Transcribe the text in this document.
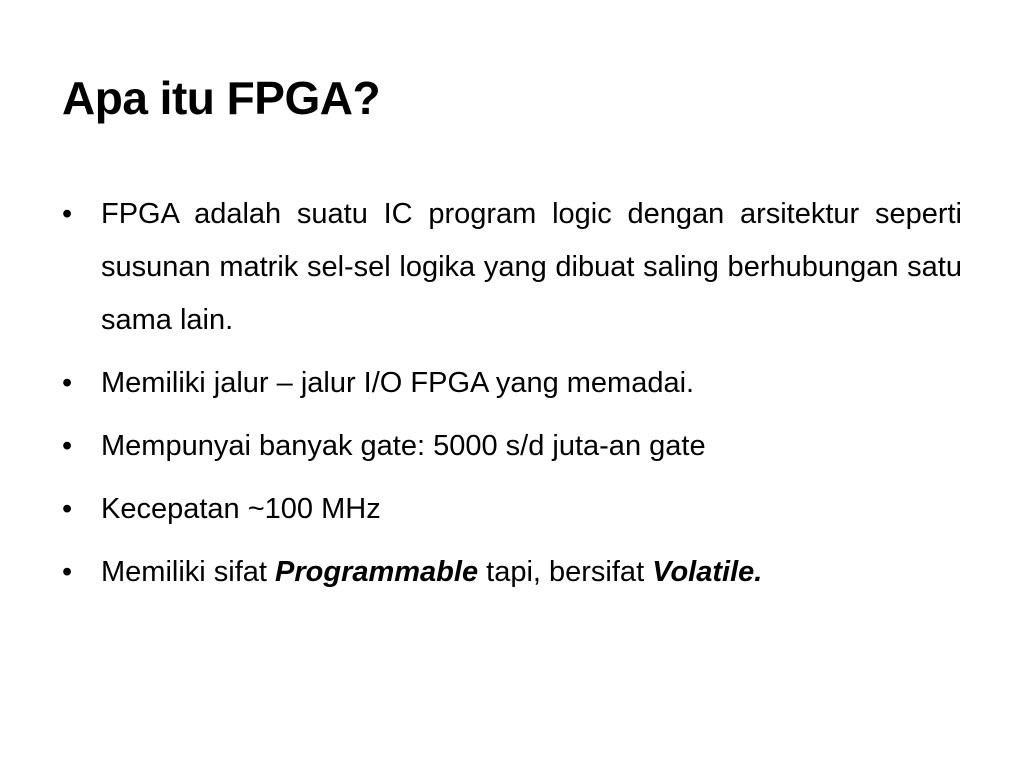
Apa itu FPGA?
• FPGA adalah suatu IC program logic dengan arsitektur seperti susunan matrik sel-sel logika yang dibuat saling berhubungan satu sama lain.
• Memiliki jalur – jalur I/O FPGA yang memadai.
• Mempunyai banyak gate: 5000 s/d juta-an gate
• Kecepatan ~100 MHz
• Memiliki sifat Programmable tapi, bersifat Volatile.
